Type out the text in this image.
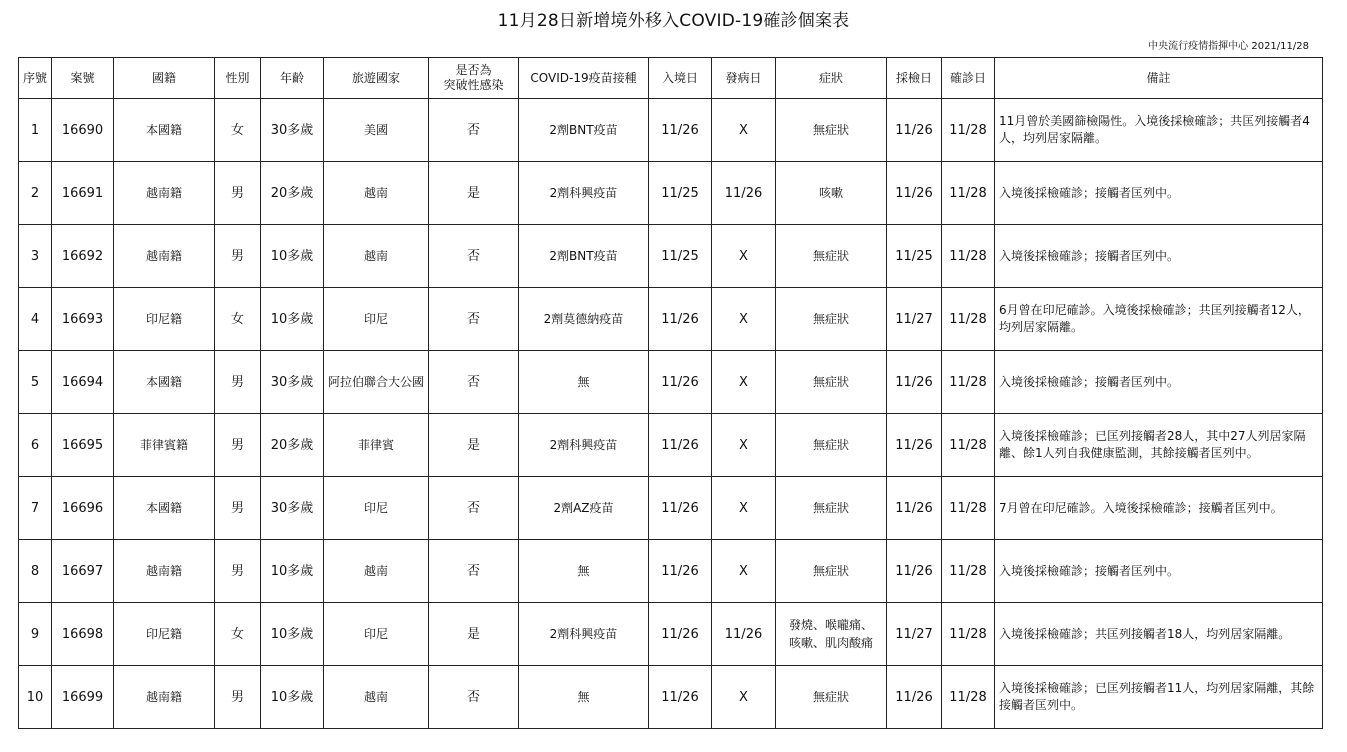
11月28日新增境外移入COVID-19確診個案表
中央流行疫情指揮中心 2021/11/28
序號	案號	國籍	性別	年齡	旅遊國家	是否為
突破性感染	COVID-19疫苗接種	入境日	發病日	症狀	採檢日	確診日	備註
1	16690	本國籍	女	30多歲	美國	否	2劑BNT疫苗	11/26	X	無症狀	11/26	11/28	11月曾於美國篩檢陽性。入境後採檢確診；共匡列接觸者4人，均列居家隔離。
2	16691	越南籍	男	20多歲	越南	是	2劑科興疫苗	11/25	11/26	咳嗽	11/26	11/28	入境後採檢確診；接觸者匡列中。
3	16692	越南籍	男	10多歲	越南	否	2劑BNT疫苗	11/25	X	無症狀	11/25	11/28	入境後採檢確診；接觸者匡列中。
4	16693	印尼籍	女	10多歲	印尼	否	2劑莫德納疫苗	11/26	X	無症狀	11/27	11/28	6月曾在印尼確診。入境後採檢確診；共匡列接觸者12人，均列居家隔離。
5	16694	本國籍	男	30多歲	阿拉伯聯合大公國	否	無	11/26	X	無症狀	11/26	11/28	入境後採檢確診；接觸者匡列中。
6	16695	菲律賓籍	男	20多歲	菲律賓	是	2劑科興疫苗	11/26	X	無症狀	11/26	11/28	入境後採檢確診；已匡列接觸者28人，其中27人列居家隔離、餘1人列自我健康監測，其餘接觸者匡列中。
7	16696	本國籍	男	30多歲	印尼	否	2劑AZ疫苗	11/26	X	無症狀	11/26	11/28	7月曾在印尼確診。入境後採檢確診；接觸者匡列中。
8	16697	越南籍	男	10多歲	越南	否	無	11/26	X	無症狀	11/26	11/28	入境後採檢確診；接觸者匡列中。
9	16698	印尼籍	女	10多歲	印尼	是	2劑科興疫苗	11/26	11/26	發燒、喉嚨痛、
咳嗽、肌肉酸痛	11/27	11/28	入境後採檢確診；共匡列接觸者18人，均列居家隔離。
10	16699	越南籍	男	10多歲	越南	否	無	11/26	X	無症狀	11/26	11/28	入境後採檢確診；已匡列接觸者11人，均列居家隔離，其餘接觸者匡列中。
